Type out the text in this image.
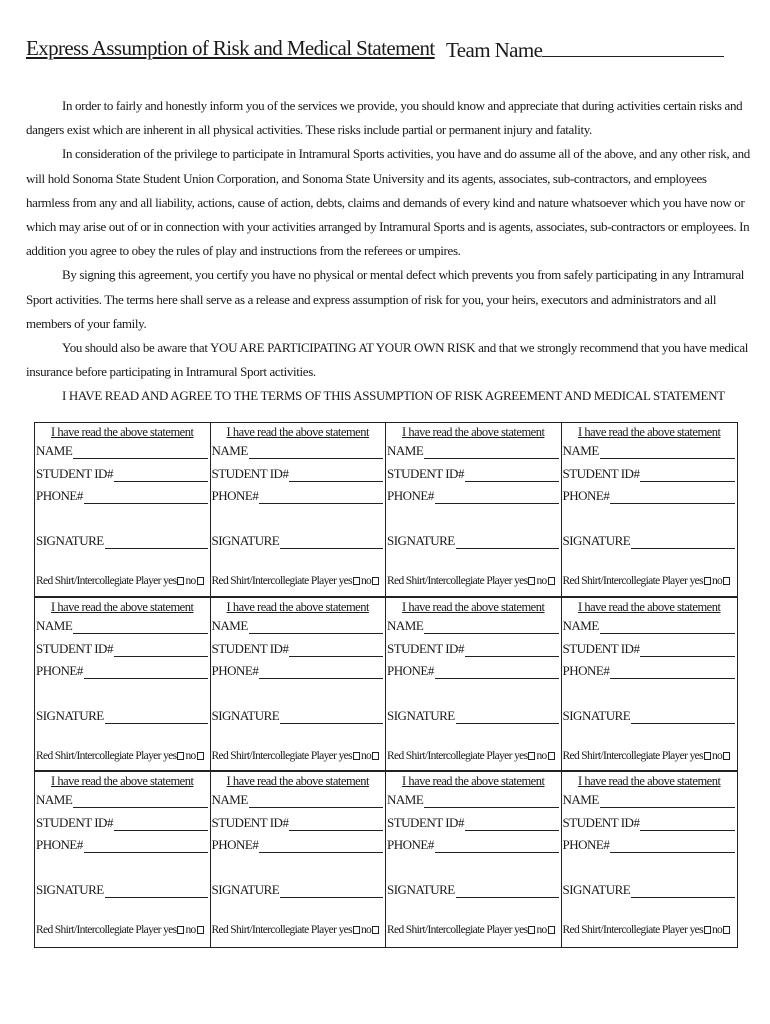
Express Assumption of Risk and Medical Statement Team Name

In order to fairly and honestly inform you of the services we provide, you should know and appreciate that during activities certain risks and dangers exist which are inherent in all physical activities. These risks include partial or permanent injury and fatality.

In consideration of the privilege to participate in Intramural Sports activities, you have and do assume all of the above, and any other risk, and will hold Sonoma State Student Union Corporation, and Sonoma State University and its agents, associates, sub-contractors, and employees harmless from any and all liability, actions, cause of action, debts, claims and demands of every kind and nature whatsoever which you have now or which may arise out of or in connection with your activities arranged by Intramural Sports and is agents, associates, sub-contractors or employees. In addition you agree to obey the rules of play and instructions from the referees or umpires.

By signing this agreement, you certify you have no physical or mental defect which prevents you from safely participating in any Intramural Sport activities. The terms here shall serve as a release and express assumption of risk for you, your heirs, executors and administrators and all members of your family.

You should also be aware that YOU ARE PARTICIPATING AT YOUR OWN RISK and that we strongly recommend that you have medical insurance before participating in Intramural Sport activities.

I HAVE READ AND AGREE TO THE TERMS OF THIS ASSUMPTION OF RISK AGREEMENT AND MEDICAL STATEMENT

I have read the above statement
NAME
STUDENT ID#
PHONE#
SIGNATURE
Red Shirt/Intercollegiate Player
yes no
I have read the above statement
NAME
STUDENT ID#
PHONE#
SIGNATURE
Red Shirt/Intercollegiate Player
yes no
I have read the above statement
NAME
STUDENT ID#
PHONE#
SIGNATURE
Red Shirt/Intercollegiate Player
yes no
I have read the above statement
NAME
STUDENT ID#
PHONE#
SIGNATURE
Red Shirt/Intercollegiate Player
yes no
I have read the above statement
NAME
STUDENT ID#
PHONE#
SIGNATURE
Red Shirt/Intercollegiate Player
yes no
I have read the above statement
NAME
STUDENT ID#
PHONE#
SIGNATURE
Red Shirt/Intercollegiate Player
yes no
I have read the above statement
NAME
STUDENT ID#
PHONE#
SIGNATURE
Red Shirt/Intercollegiate Player
yes no
I have read the above statement
NAME
STUDENT ID#
PHONE#
SIGNATURE
Red Shirt/Intercollegiate Player
yes no
I have read the above statement
NAME
STUDENT ID#
PHONE#
SIGNATURE
Red Shirt/Intercollegiate Player
yes no
I have read the above statement
NAME
STUDENT ID#
PHONE#
SIGNATURE
Red Shirt/Intercollegiate Player
yes no
I have read the above statement
NAME
STUDENT ID#
PHONE#
SIGNATURE
Red Shirt/Intercollegiate Player
yes no
I have read the above statement
NAME
STUDENT ID#
PHONE#
SIGNATURE
Red Shirt/Intercollegiate Player
yes no
